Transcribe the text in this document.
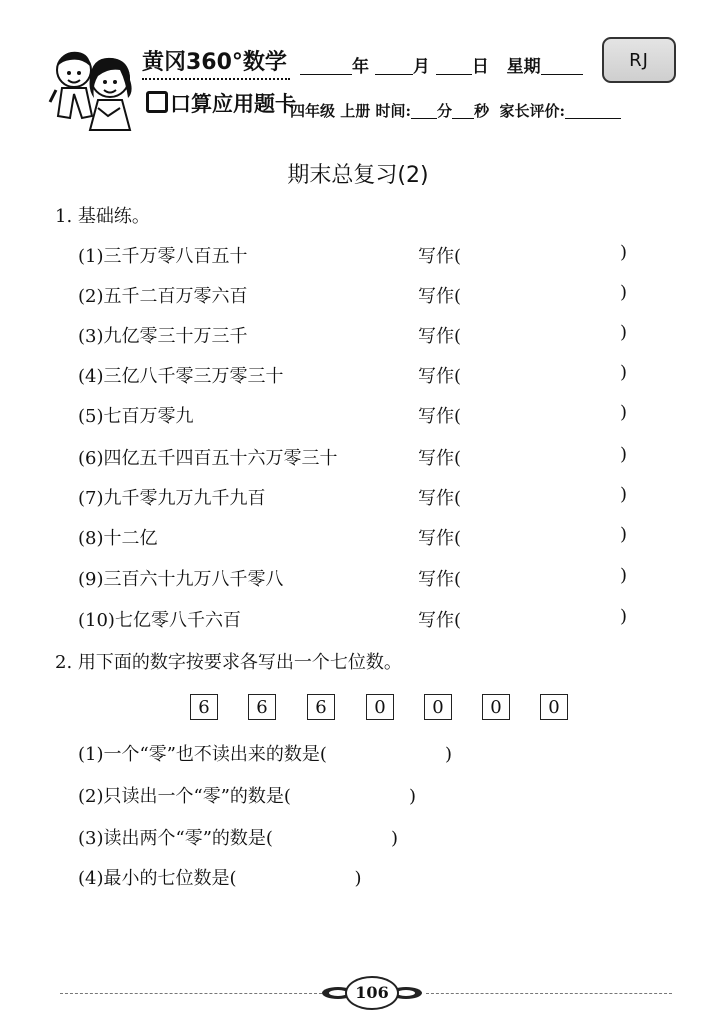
黄冈360°数学
口算应用题卡
年	月 日 星期	RJ
四年级 上册 时间: 分 秒 家长评价:
期末总复习(2)
1. 基础练。
(1)三千万零八百五十	写作(	)
(2)五千二百万零六百	写作(	)
(3)九亿零三十万三千	写作(	)
(4)三亿八千零三万零三十	写作(	)
(5)七百万零九	写作(	)
(6)四亿五千四百五十六万零三十	写作(	)
(7)九千零九万九千九百	写作(	)
(8)十二亿	写作(	)
(9)三百六十九万八千零八	写作(	)
(10)七亿零八千六百	写作(	)
2. 用下面的数字按要求各写出一个七位数。
6	6	6	0	0	0	0
(1)一个“零”也不读出来的数是(	)
(2)只读出一个“零”的数是(	)
(3)读出两个“零”的数是(	)
(4)最小的七位数是(	)
106
